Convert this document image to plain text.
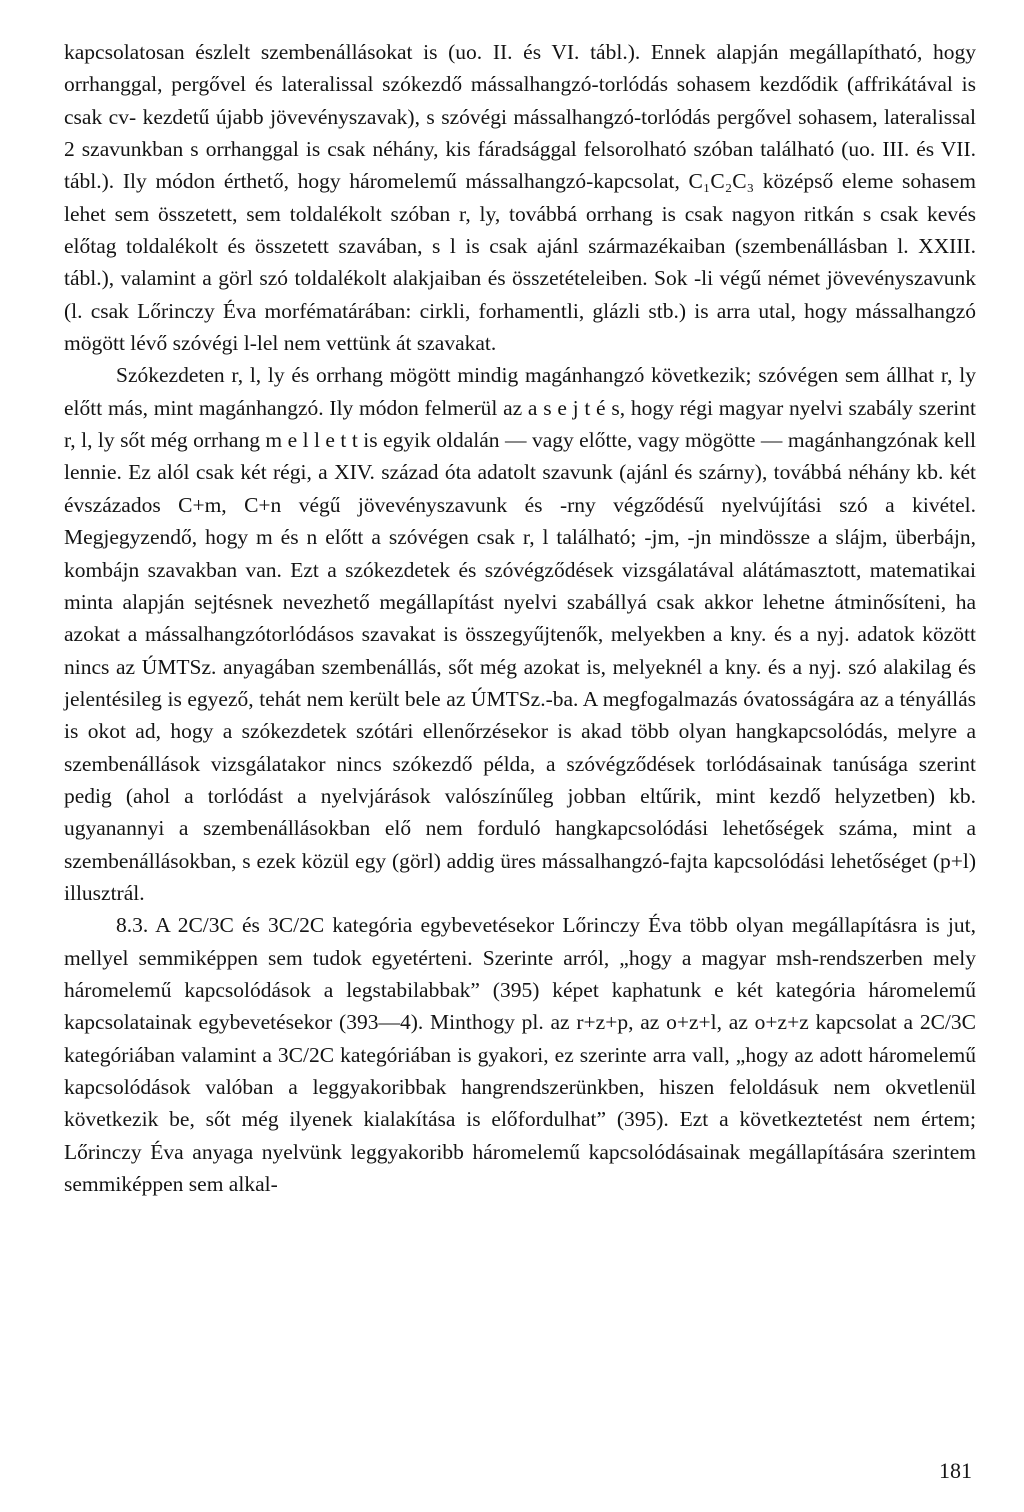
kapcsolatosan észlelt szembenállásokat is (uo. II. és VI. tábl.). Ennek alapján megállapítható, hogy orrhanggal, pergővel és lateralissal szókezdő mássalhangzó-torlódás sohasem kezdődik (affrikátával is csak cv- kezdetű újabb jövevényszavak), s szóvégi mássalhangzó-torlódás pergővel sohasem, lateralissal 2 szavunkban s orrhanggal is csak néhány, kis fáradsággal felsorolható szóban található (uo. III. és VII. tábl.). Ily módon érthető, hogy háromelemű mássalhangzó-kapcsolat, C₁C₂C₃ középső eleme sohasem lehet sem összetett, sem toldalékolt szóban r, ly, továbbá orrhang is csak nagyon ritkán s csak kevés előtag toldalékolt és összetett szavában, s l is csak ajánl származékaiban (szembenállásban l. XXIII. tábl.), valamint a görl szó toldalékolt alakjaiban és összetételeiben. Sok -li végű német jövevényszavunk (l. csak Lőrinczy Éva morfématárában: cirkli, forhamentli, glázli stb.) is arra utal, hogy mássalhangzó mögött lévő szóvégi l-lel nem vettünk át szavakat.

Szókezdeten r, l, ly és orrhang mögött mindig magánhangzó következik; szóvégen sem állhat r, ly előtt más, mint magánhangzó. Ily módon felmerül az a s e j t é s, hogy régi magyar nyelvi szabály szerint r, l, ly sőt még orrhang m e l l e t t is egyik oldalán — vagy előtte, vagy mögötte — magánhangzónak kell lennie. Ez alól csak két régi, a XIV. század óta adatolt szavunk (ajánl és szárny), továbbá néhány kb. két évszázados C+m, C+n végű jövevényszavunk és -rny végződésű nyelvújítási szó a kivétel. Megjegyzendő, hogy m és n előtt a szóvégen csak r, l található; -jm, -jn mindössze a slájm, überbájn, kombájn szavakban van. Ezt a szókezdetek és szóvégződések vizsgálatával alátámasztott, matematikai minta alapján sejtésnek nevezhető megállapítást nyelvi szabállyá csak akkor lehetne átminősíteni, ha azokat a mássalhangzótorlódásos szavakat is összegyűjtenők, melyekben a kny. és a nyj. adatok között nincs az ÚMTSz. anyagában szembenállás, sőt még azokat is, melyeknél a kny. és a nyj. szó alakilag és jelentésileg is egyező, tehát nem került bele az ÚMTSz.-ba. A megfogalmazás óvatosságára az a tényállás is okot ad, hogy a szókezdetek szótári ellenőrzésekor is akad több olyan hangkapcsolódás, melyre a szembenállások vizsgálatakor nincs szókezdő példa, a szóvégződések torlódásainak tanúsága szerint pedig (ahol a torlódást a nyelvjárások valószínűleg jobban eltűrik, mint kezdő helyzetben) kb. ugyanannyi a szembenállásokban elő nem forduló hangkapcsolódási lehetőségek száma, mint a szembenállásokban, s ezek közül egy (görl) addig üres mássalhangzó-fajta kapcsolódási lehetőséget (p+l) illusztrál.

8.3. A 2C/3C és 3C/2C kategória egybevetésekor Lőrinczy Éva több olyan megállapításra is jut, mellyel semmiképpen sem tudok egyetérteni. Szerinte arról, „hogy a magyar msh-rendszerben mely háromelemű kapcsolódások a legstabilabbak” (395) képet kaphatunk e két kategória háromelemű kapcsolatainak egybevetésekor (393—4). Minthogy pl. az r+z+p, az o+z+l, az o+z+z kapcsolat a 2C/3C kategóriában valamint a 3C/2C kategóriában is gyakori, ez szerinte arra vall, „hogy az adott háromelemű kapcsolódások valóban a leggyakoribbak hangrendszerünkben, hiszen feloldásuk nem okvetlenül következik be, sőt még ilyenek kialakítása is előfordulhat” (395). Ezt a következtetést nem értem; Lőrinczy Éva anyaga nyelvünk leggyakoribb háromelemű kapcsolódásainak megállapítására szerintem semmiképpen sem alkal-

181
